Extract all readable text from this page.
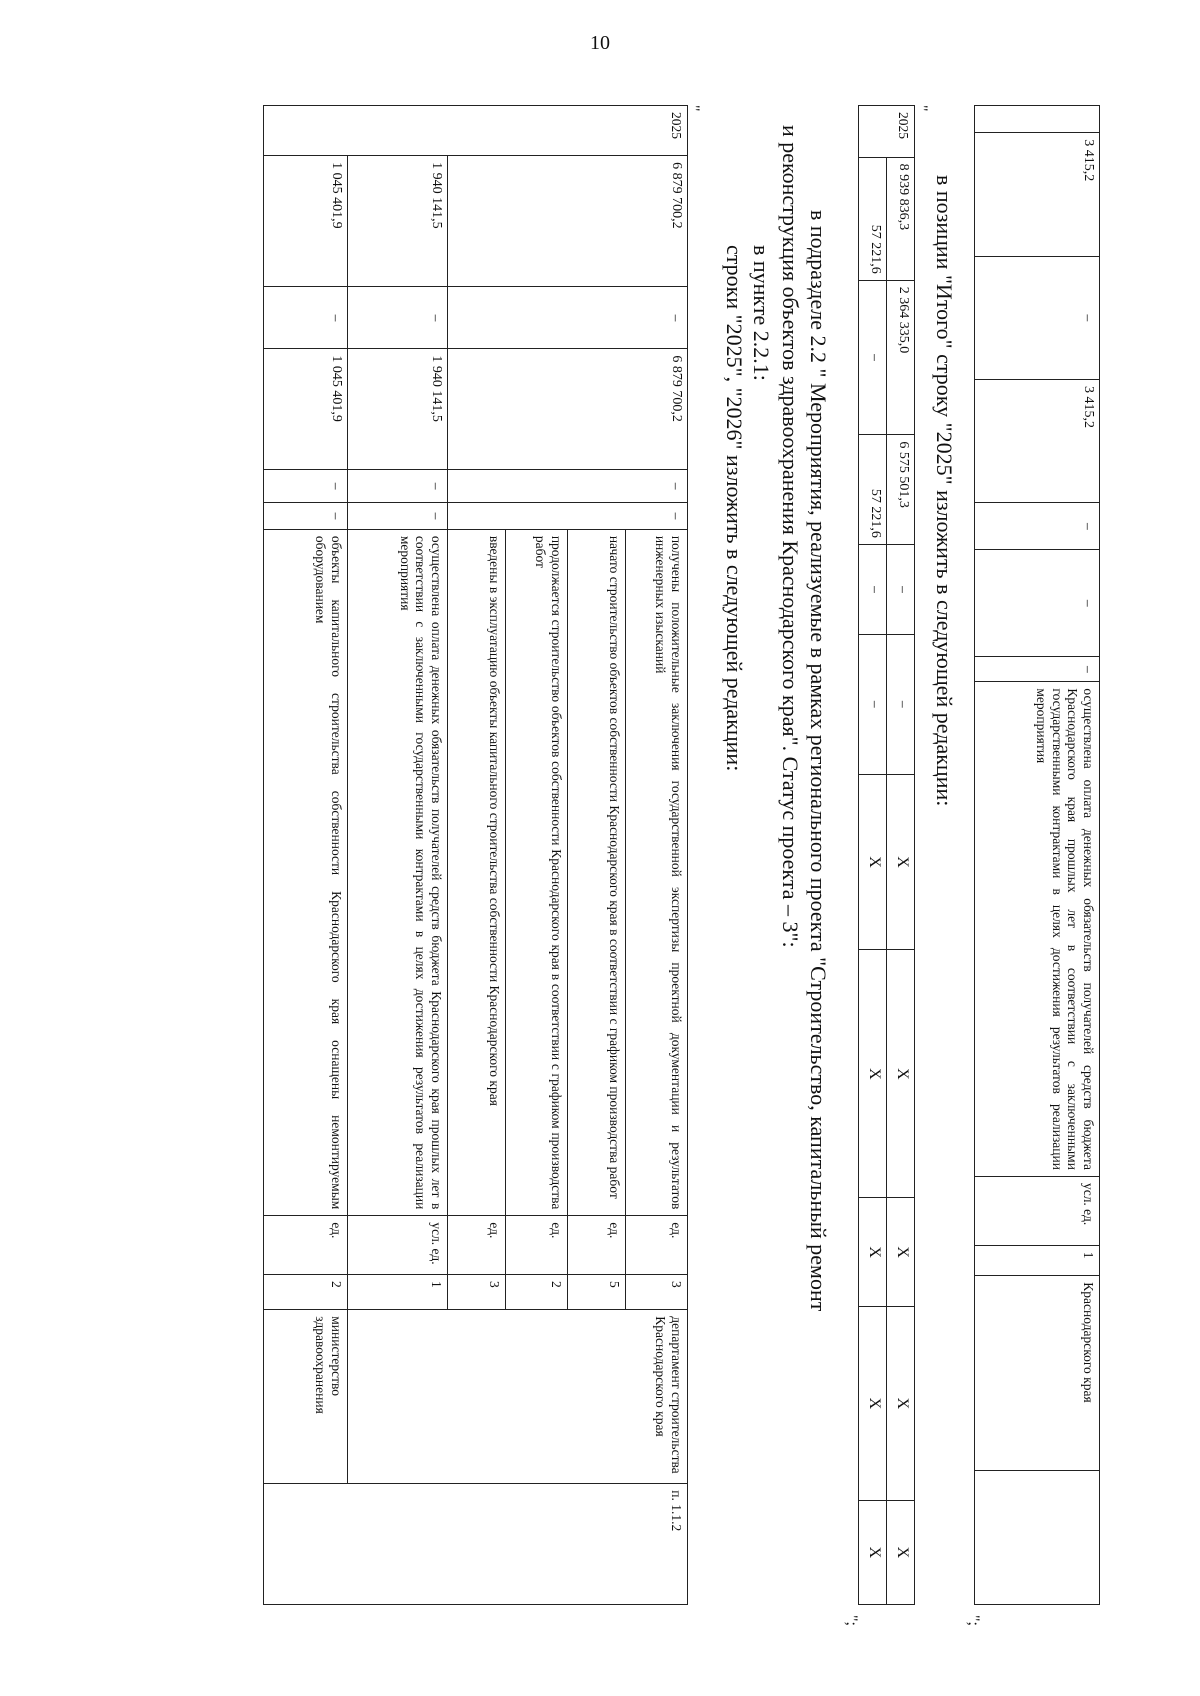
10
	3 415,2	–	3 415,2	–	–	–	осуществлена оплата денежных обязательств получателей средств бюджета Краснодарского края прошлых лет в соответствии с заключенными государственными контрактами в целях достижения результатов реализации мероприятия	усл. ед.	1	Краснодарского края	
";
в позиции "Итого" строку "2025" изложить в следующей редакции:
"
2025	8 939 836,3	2 364 335,0	6 575 501,3	–	–	X	X	X	X	X
	57 221,6	–	57 221,6	–	–	X	X	X	X	X
";
в подразделе 2.2 " Мероприятия, реализуемые в рамках регионального проекта "Строительство, капитальный ремонт
и реконструкция объектов здравоохранения Краснодарского края". Статус проекта – 3":
в пункте 2.2.1:
строки "2025", "2026" изложить в следующей редакции:
"
2025	6 879 700,2	–	6 879 700,2	–	–	получены положительные заключения государственной экспертизы проектной документации и результатов инженерных изысканий	ед.	3	департамент строительства Краснодарского края	п. 1.1.2
						начато строительство объектов собственности Краснодарского края в соответствии с графиком производства работ	ед.	5		
						продолжается строительство объектов собственности Краснодарского края в соответствии с графиком производства работ	ед.	2		
						введены в эксплуатацию объекты капитального строительства собственности Краснодарского края	ед.	3		
	1 940 141,5	–	1 940 141,5	–	–	осуществлена оплата денежных обязательств получателей средств бюджета Краснодарского края прошлых лет в соответствии с заключенными государственными контрактами в целях достижения результатов реализации мероприятия	усл. ед.	1		
	1 045 401,9	–	1 045 401,9	–	–	объекты капитального строительства собственности Краснодарского края оснащены немонтируемым оборудованием	ед.	2	министерство здравоохранения	
